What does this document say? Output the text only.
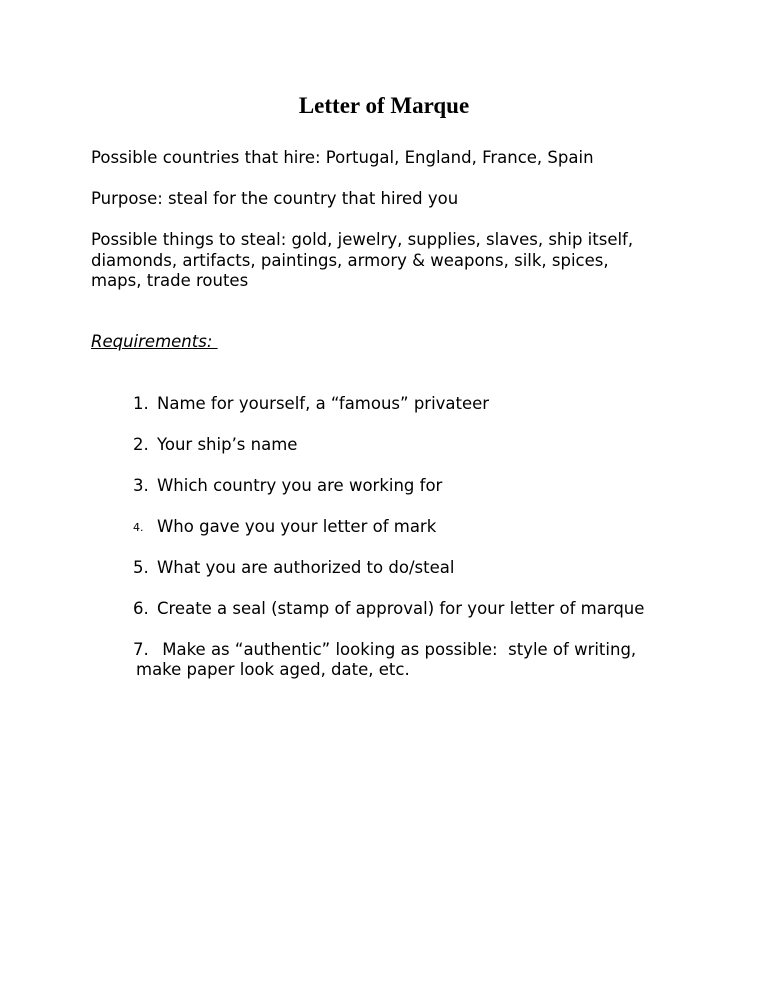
Letter of Marque

Possible countries that hire: Portugal, England, France, Spain

Purpose: steal for the country that hired you

Possible things to steal: gold, jewelry, supplies, slaves, ship itself,
diamonds, artifacts, paintings, armory & weapons, silk, spices,
maps, trade routes

Requirements:

1. Name for yourself, a “famous” privateer

2. Your ship’s name

3. Which country you are working for

4. Who gave you your letter of mark

5. What you are authorized to do/steal

6. Create a seal (stamp of approval) for your letter of marque

7. Make as “authentic” looking as possible:  style of writing,

make paper look aged, date, etc.
